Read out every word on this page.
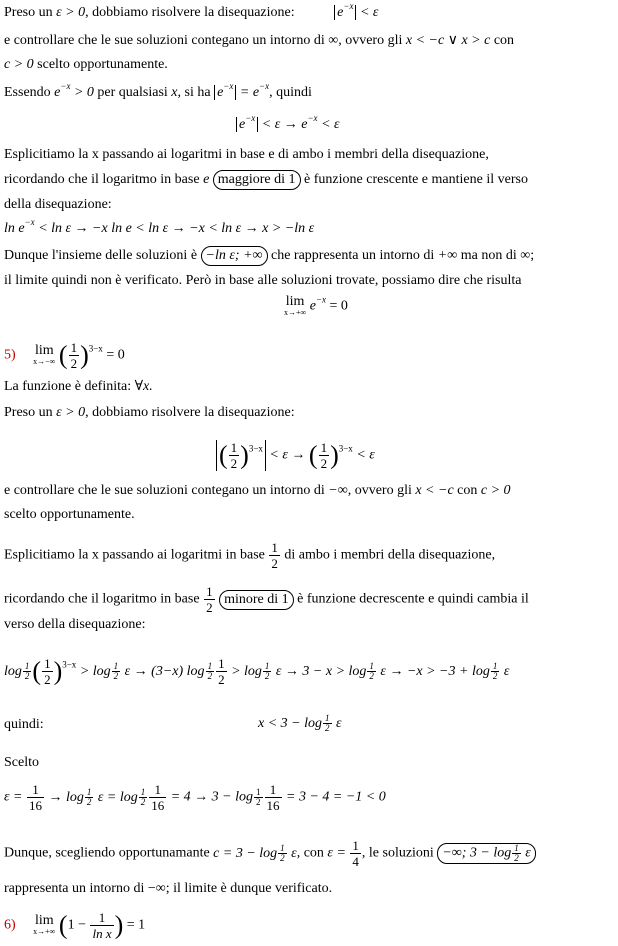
Preso un ε > 0, dobbiamo risolvere la disequazione:	$e^{-x} < \varepsilon$
e controllare che le sue soluzioni contegano un intorno di ∞, ovvero gli x < −c ∨ x > c con
c > 0 scelto opportunamente.
Essendo $e^{-x} > 0$ per qualsiasi x, si ha $e^{-x} = e^{-x}$, quindi
$e^{-x} < \varepsilon \to e^{-x} < \varepsilon$
Esplicitiamo la x passando ai logaritmi in base e di ambo i membri della disequazione,
ricordando che il logaritmo in base e maggiore di 1 è funzione crescente e mantiene il verso
della disequazione:
$\ln e^{-x} < \ln \varepsilon \to -x$ ln e < ln ε → −x < ln ε → x > −ln ε
Dunque l'insieme delle soluzioni è −ln ε; +∞ che rappresenta un intorno di +∞ ma non di ∞;
il limite quindi non è verificato. Però in base alle soluzioni trovate, possiamo dire che risulta
lim
x→+∞ $e^{-x} = 0$
5) lim
x→−∞ ( $\frac{1}{2} )^{3-x} = 0$
La funzione è definita: ∀x.
Preso un ε > 0, dobbiamo risolvere la disequazione:
( $\frac{1}{2} )^{3-x} < \varepsilon$ → ( $\frac{1}{2} )^{3-x} < \varepsilon$
e controllare che le sue soluzioni contegano un intorno di −∞, ovvero gli x < −c con c > 0
scelto opportunamente.
Esplicitiamo la x passando ai logaritmi in base $\frac{1}{2}$ di ambo i membri della disequazione,
ricordando che il logaritmo in base $\frac{1}{2}$ minore di 1 è funzione decrescente e quindi cambia il
verso della disequazione:
$\log \frac{1}{2}$ ( $\frac{1}{2} )^{3-x} > \log \frac{1}{2}$ ε → (3−x) $\log \frac{1}{2} \frac{1}{2} > \log \frac{1}{2}$ $\varepsilon \to 3 - x > \log \frac{1}{2}$ $\varepsilon \to -x > -3 + \log \frac{1}{2}$ ε
quindi:	$x < 3 - \log \frac{1}{2}$ ε
Scelto
$\varepsilon = \frac{1}{16} \to \log \frac{1}{2}$ $\varepsilon = \log \frac{1}{2} \frac{1}{16} = 4 \to 3 - \log \frac{1}{2} \frac{1}{16} = 3 - 4 = -1 < 0$
Dunque, scegliendo opportunamante $c = 3 - \log \frac{1}{2} \varepsilon$, con $\varepsilon = \frac{1}{4}$ , le soluzioni −∞; $3 - \log \frac{1}{2}$ ε
rappresenta un intorno di −∞; il limite è dunque verificato.
6) lim
x→+∞ ($1 - \frac{1}{\text{ln x}}$ ) = 1
